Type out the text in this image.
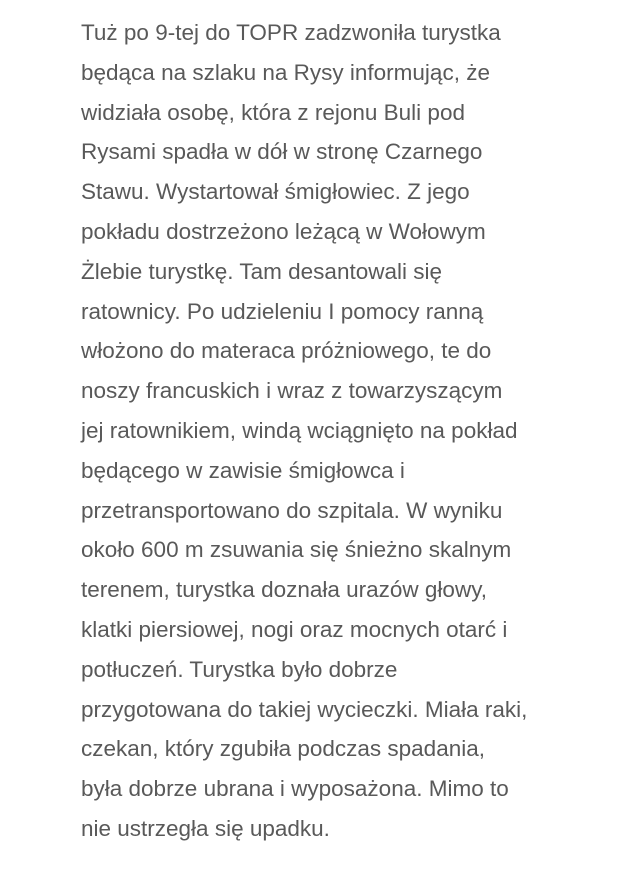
Tuż po 9-tej do TOPR zadzwoniła turystka
będąca na szlaku na Rysy informując, że
widziała osobę, która z rejonu Buli pod
Rysami spadła w dół w stronę Czarnego
Stawu. Wystartował śmigłowiec. Z jego
pokładu dostrzeżono leżącą w Wołowym
Żlebie turystkę. Tam desantowali się
ratownicy. Po udzieleniu I pomocy ranną
włożono do materaca próżniowego, te do
noszy francuskich i wraz z towarzyszącym
jej ratownikiem, windą wciągnięto na pokład
będącego w zawisie śmigłowca i
przetransportowano do szpitala. W wyniku
około 600 m zsuwania się śnieżno skalnym
terenem, turystka doznała urazów głowy,
klatki piersiowej, nogi oraz mocnych otarć i
potłuczeń. Turystka było dobrze
przygotowana do takiej wycieczki. Miała raki,
czekan, który zgubiła podczas spadania,
była dobrze ubrana i wyposażona. Mimo to
nie ustrzegła się upadku.
